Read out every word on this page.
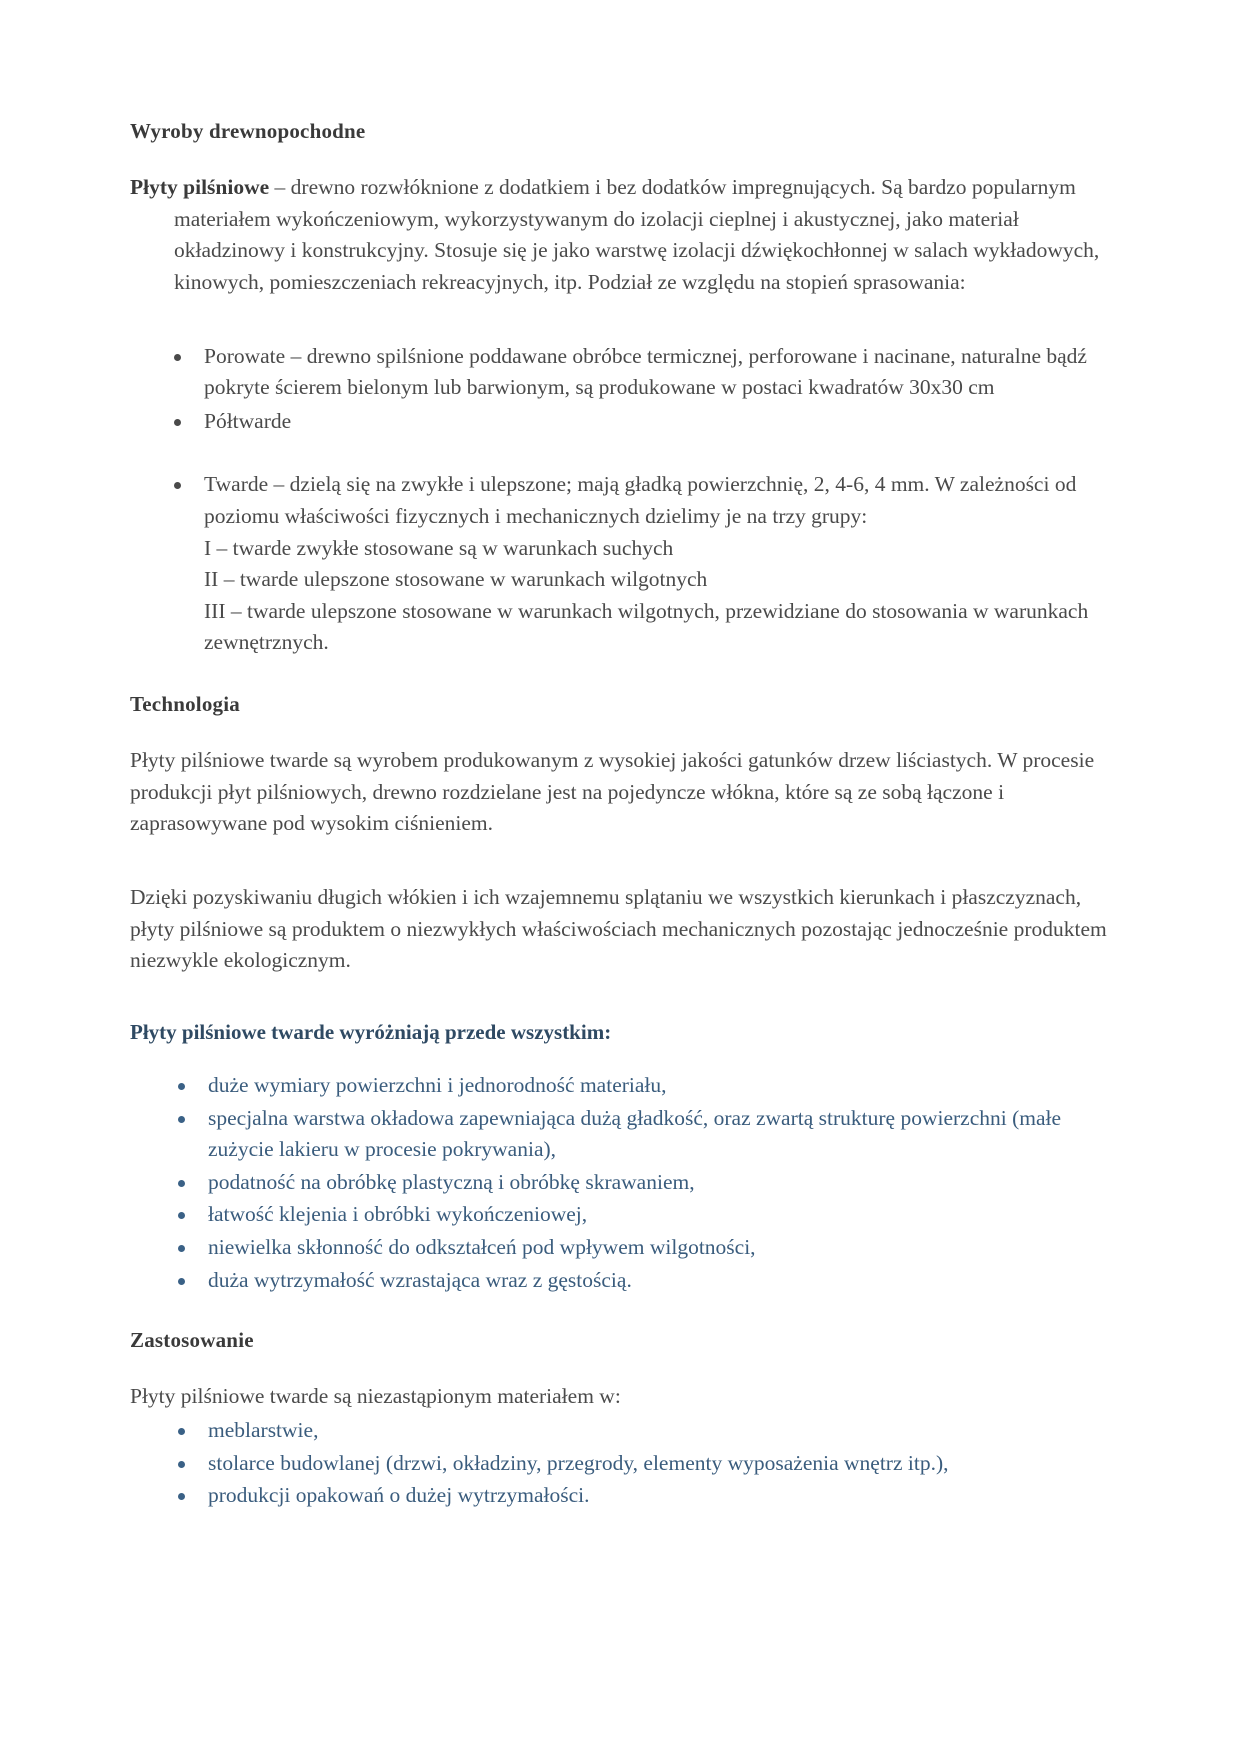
Wyroby drewnopochodne

Płyty pilśniowe – drewno rozwłóknione z dodatkiem i bez dodatków impregnujących. Są bardzo popularnym materiałem wykończeniowym, wykorzystywanym do izolacji cieplnej i akustycznej, jako materiał okładzinowy i konstrukcyjny. Stosuje się je jako warstwę izolacji dźwiękochłonnej w salach wykładowych, kinowych, pomieszczeniach rekreacyjnych, itp. Podział ze względu na stopień sprasowania:

Porowate – drewno spilśnione poddawane obróbce termicznej, perforowane i nacinane, naturalne bądź pokryte ścierem bielonym lub barwionym, są produkowane w postaci kwadratów 30x30 cm
Półtwarde
Twarde – dzielą się na zwykłe i ulepszone; mają gładką powierzchnię, 2, 4-6, 4 mm. W zależności od poziomu właściwości fizycznych i mechanicznych dzielimy je na trzy grupy:
I – twarde zwykłe stosowane są w warunkach suchych
II – twarde ulepszone stosowane w warunkach wilgotnych
III – twarde ulepszone stosowane w warunkach wilgotnych, przewidziane do stosowania w warunkach zewnętrznych.
Technologia

Płyty pilśniowe twarde są wyrobem produkowanym z wysokiej jakości gatunków drzew liściastych. W procesie produkcji płyt pilśniowych, drewno rozdzielane jest na pojedyncze włókna, które są ze sobą łączone i zaprasowywane pod wysokim ciśnieniem.

Dzięki pozyskiwaniu długich włókien i ich wzajemnemu splątaniu we wszystkich kierunkach i płaszczyznach, płyty pilśniowe są produktem o niezwykłych właściwościach mechanicznych pozostając jednocześnie produktem niezwykle ekologicznym.

Płyty pilśniowe twarde wyróżniają przede wszystkim:
duże wymiary powierzchni i jednorodność materiału,
specjalna warstwa okładowa zapewniająca dużą gładkość, oraz zwartą strukturę powierzchni (małe zużycie lakieru w procesie pokrywania),
podatność na obróbkę plastyczną i obróbkę skrawaniem,
łatwość klejenia i obróbki wykończeniowej,
niewielka skłonność do odkształceń pod wpływem wilgotności,
duża wytrzymałość wzrastająca wraz z gęstością.
Zastosowanie

Płyty pilśniowe twarde są niezastąpionym materiałem w:

meblarstwie,
stolarce budowlanej (drzwi, okładziny, przegrody, elementy wyposażenia wnętrz itp.),
produkcji opakowań o dużej wytrzymałości.
